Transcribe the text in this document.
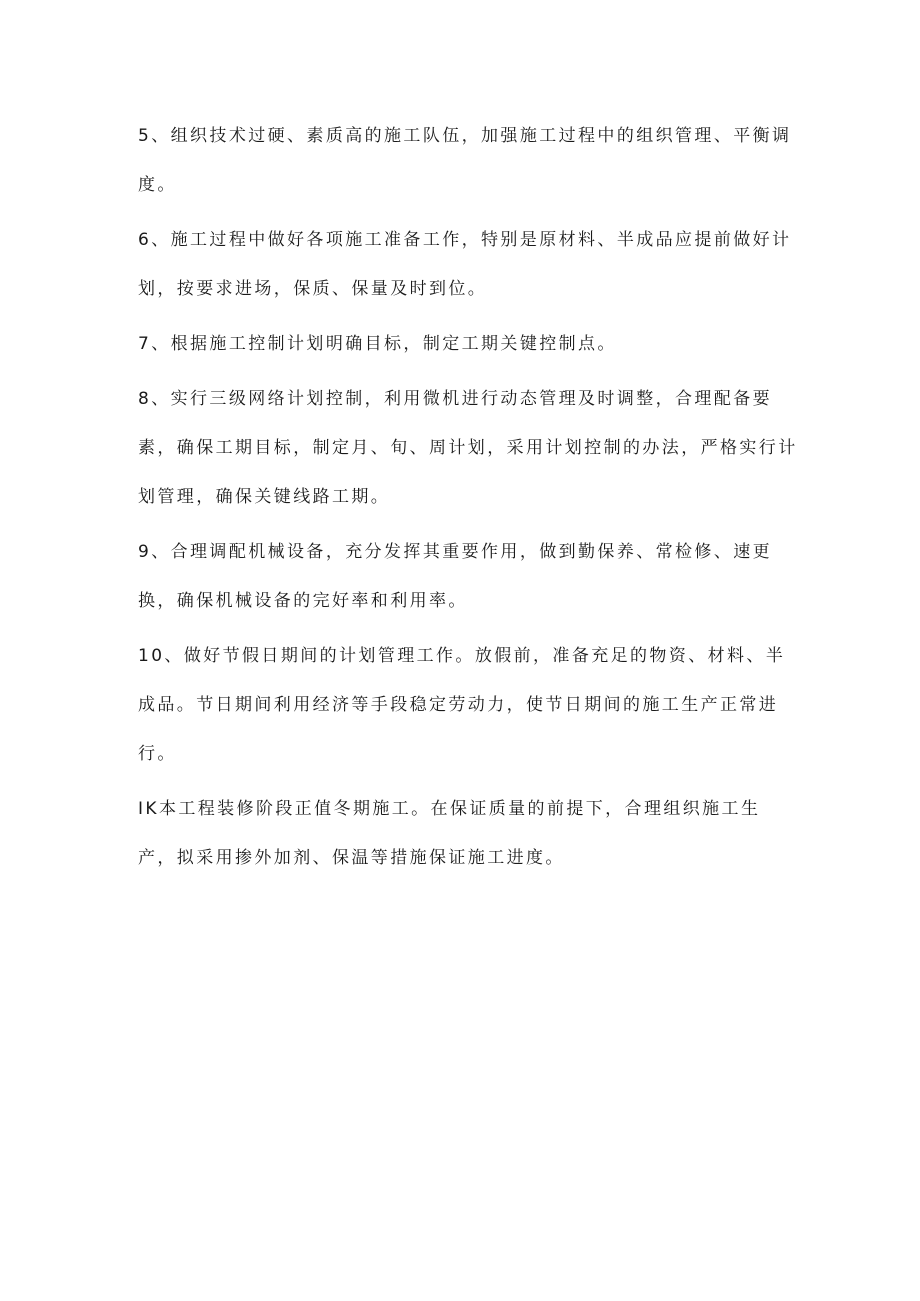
5、组织技术过硬、素质高的施工队伍，加强施工过程中的组织管理、平衡调度。

6、施工过程中做好各项施工准备工作，特别是原材料、半成品应提前做好计划，按要求进场，保质、保量及时到位。

7、根据施工控制计划明确目标，制定工期关键控制点。

8、实行三级网络计划控制，利用微机进行动态管理及时调整，合理配备要素，确保工期目标，制定月、旬、周计划，采用计划控制的办法，严格实行计划管理，确保关键线路工期。

9、合理调配机械设备，充分发挥其重要作用，做到勤保养、常检修、速更换，确保机械设备的完好率和利用率。

10、做好节假日期间的计划管理工作。放假前，准备充足的物资、材料、半成品。节日期间利用经济等手段稳定劳动力，使节日期间的施工生产正常进行。

IK本工程装修阶段正值冬期施工。在保证质量的前提下，合理组织施工生产，拟采用掺外加剂、保温等措施保证施工进度。
